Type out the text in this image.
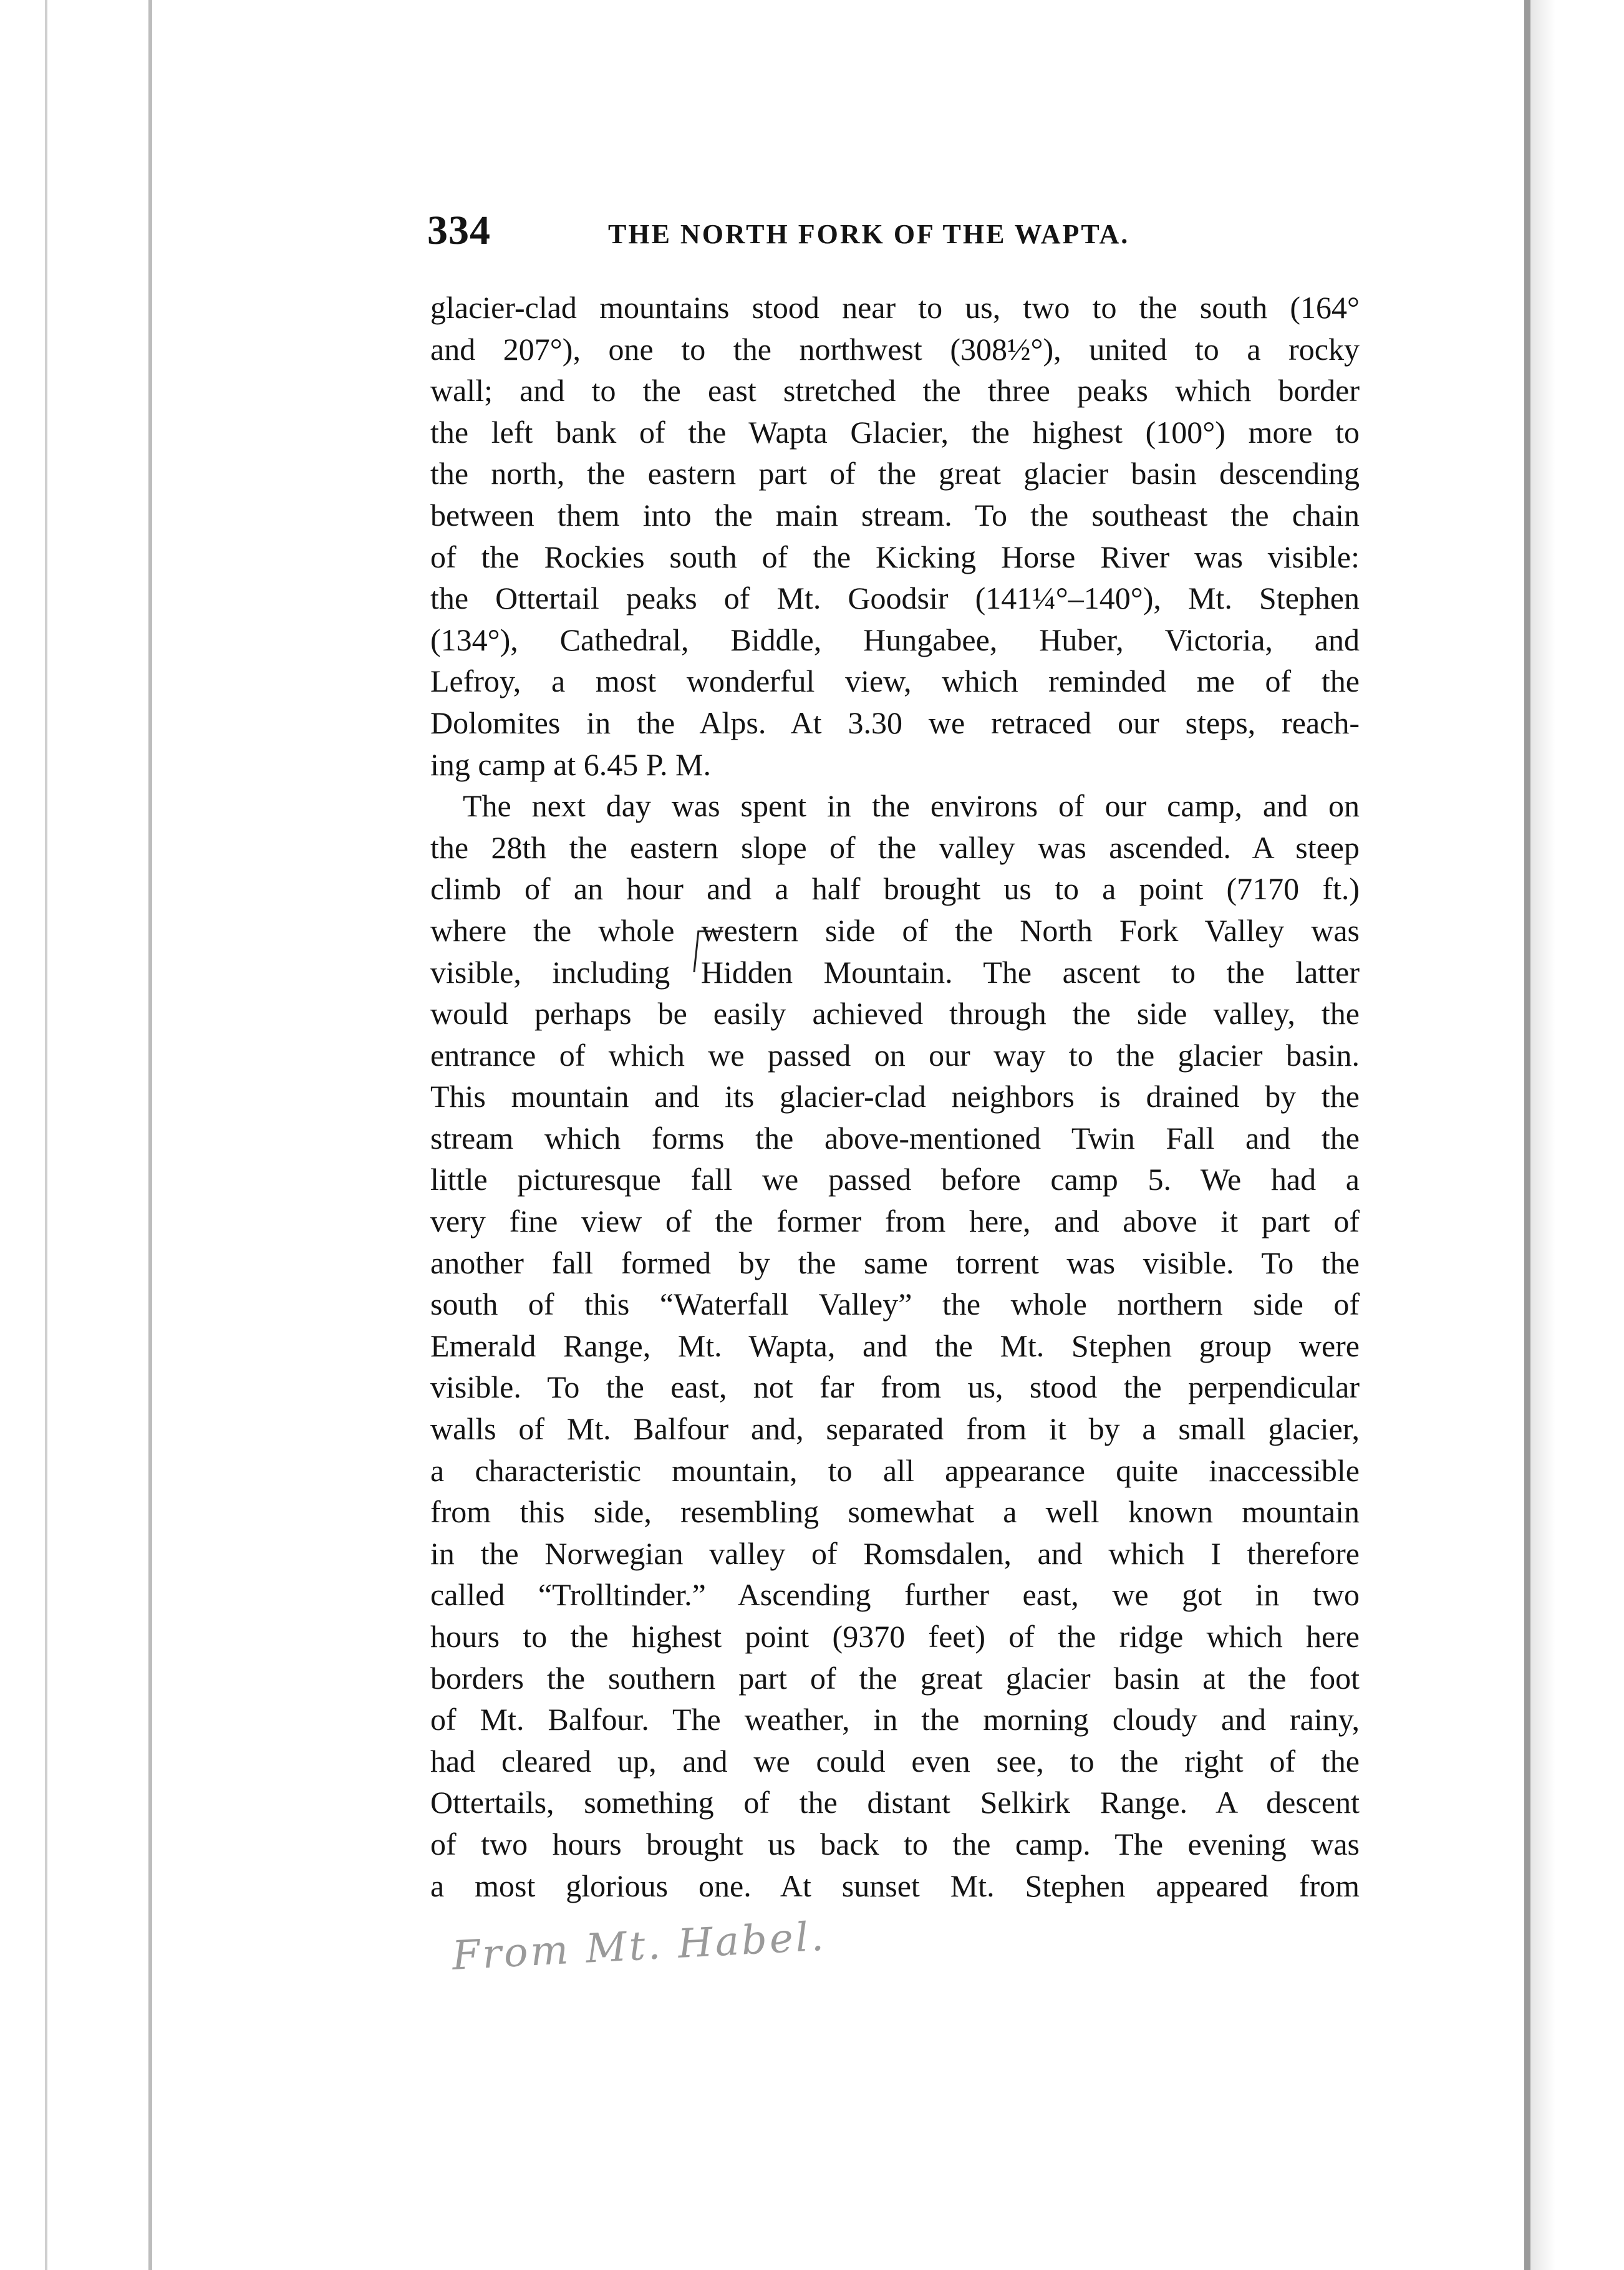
334	THE NORTH FORK OF THE WAPTA.
glacier-clad mountains stood near to us, two to the south (164°
and 207°), one to the northwest (308½°), united to a rocky
wall; and to the east stretched the three peaks which border
the left bank of the Wapta Glacier, the highest (100°) more to
the north, the eastern part of the great glacier basin descending
between them into the main stream. To the southeast the chain
of the Rockies south of the Kicking Horse River was visible:
the Ottertail peaks of Mt. Goodsir (141¼°–140°), Mt. Stephen
(134°), Cathedral, Biddle, Hungabee, Huber, Victoria, and
Lefroy, a most wonderful view, which reminded me of the
Dolomites in the Alps. At 3.30 we retraced our steps, reach-
ing camp at 6.45 P. M.
The next day was spent in the environs of our camp, and on
the 28th the eastern slope of the valley was ascended. A steep
climb of an hour and a half brought us to a point (7170 ft.)
where the whole western side of the North Fork Valley was
visible, including Hidden Mountain. The ascent to the latter
would perhaps be easily achieved through the side valley, the
entrance of which we passed on our way to the glacier basin.
This mountain and its glacier-clad neighbors is drained by the
stream which forms the above-mentioned Twin Fall and the
little picturesque fall we passed before camp 5. We had a
very fine view of the former from here, and above it part of
another fall formed by the same torrent was visible. To the
south of this “Waterfall Valley” the whole northern side of
Emerald Range, Mt. Wapta, and the Mt. Stephen group were
visible. To the east, not far from us, stood the perpendicular
walls of Mt. Balfour and, separated from it by a small glacier,
a characteristic mountain, to all appearance quite inaccessible
from this side, resembling somewhat a well known mountain
in the Norwegian valley of Romsdalen, and which I therefore
called “Trolltinder.” Ascending further east, we got in two
hours to the highest point (9370 feet) of the ridge which here
borders the southern part of the great glacier basin at the foot
of Mt. Balfour. The weather, in the morning cloudy and rainy,
had cleared up, and we could even see, to the right of the
Ottertails, something of the distant Selkirk Range. A descent
of two hours brought us back to the camp. The evening was
a most glorious one. At sunset Mt. Stephen appeared from
From Mt. Habel.
